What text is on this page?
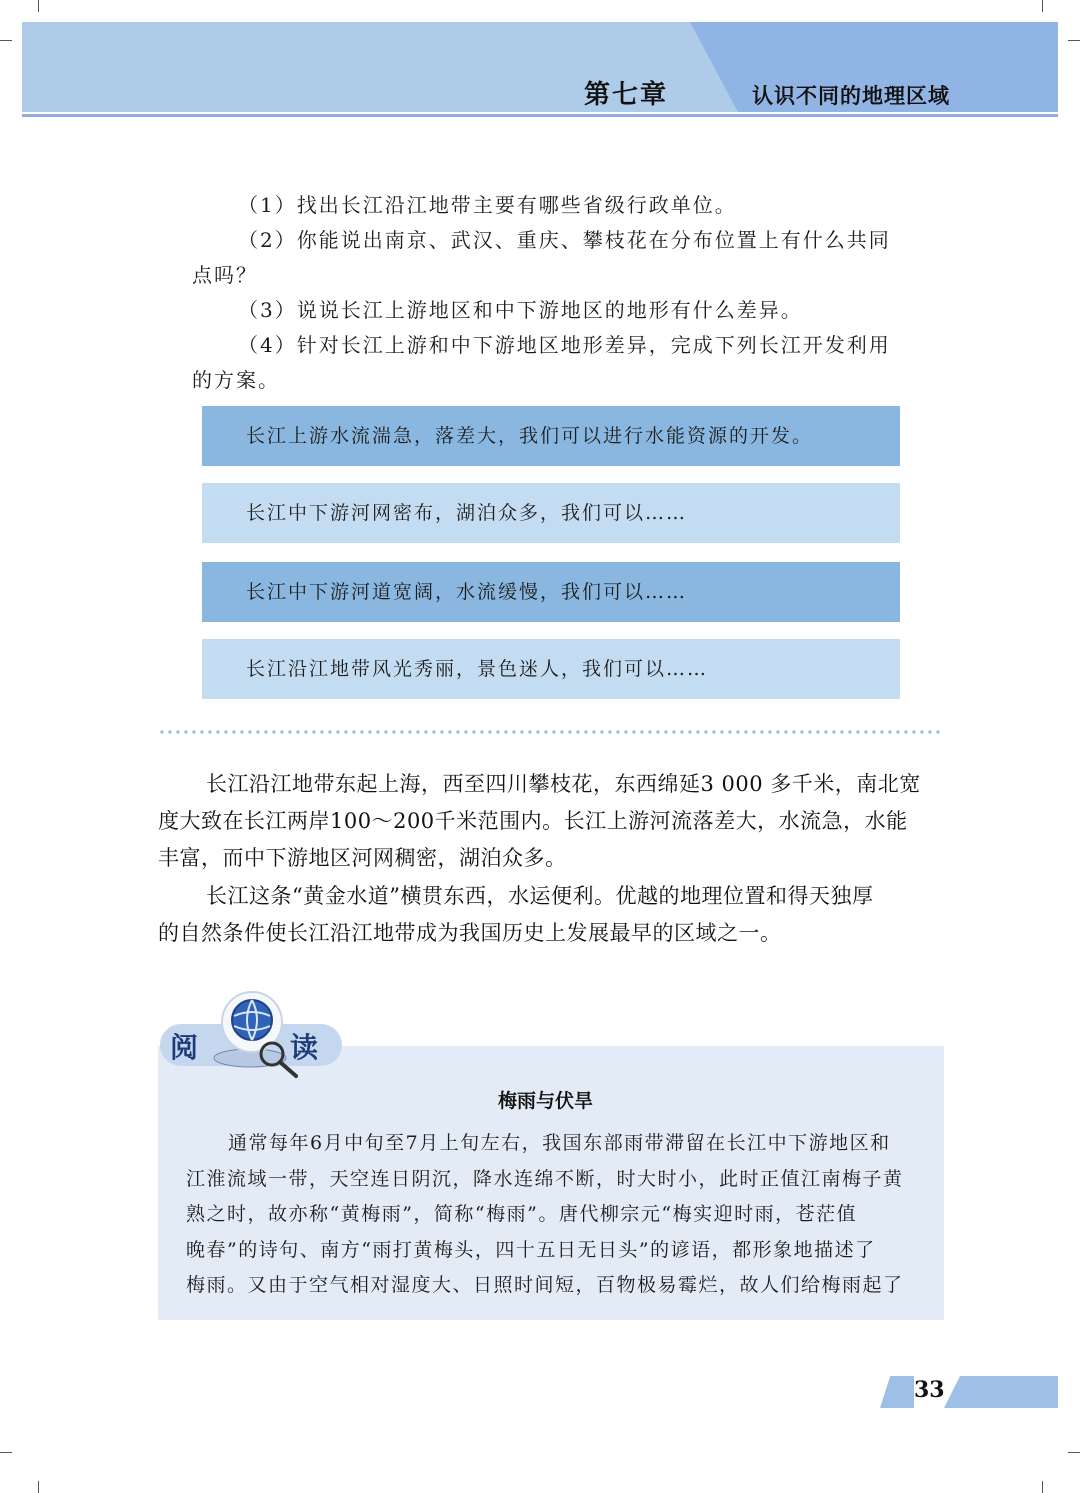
第七章	认识不同的地理区域
（1）找出长江沿江地带主要有哪些省级行政单位。
（2）你能说出南京、武汉、重庆、攀枝花在分布位置上有什么共同
点吗？
（3）说说长江上游地区和中下游地区的地形有什么差异。
（4）针对长江上游和中下游地区地形差异，完成下列长江开发利用
的方案。
长江上游水流湍急，落差大，我们可以进行水能资源的开发。
长江中下游河网密布，湖泊众多，我们可以……
长江中下游河道宽阔，水流缓慢，我们可以……
长江沿江地带风光秀丽，景色迷人，我们可以……
长江沿江地带东起上海，西至四川攀枝花，东西绵延3 000 多千米，南北宽
度大致在长江两岸100～200千米范围内。长江上游河流落差大，水流急，水能
丰富，而中下游地区河网稠密，湖泊众多。
长江这条“黄金水道”横贯东西，水运便利。优越的地理位置和得天独厚
的自然条件使长江沿江地带成为我国历史上发展最早的区域之一。
阅	读
梅雨与伏旱
通常每年6月中旬至7月上旬左右，我国东部雨带滞留在长江中下游地区和
江淮流域一带，天空连日阴沉，降水连绵不断，时大时小，此时正值江南梅子黄
熟之时，故亦称“黄梅雨”，简称“梅雨”。唐代柳宗元“梅实迎时雨，苍茫值
晚春”的诗句、南方“雨打黄梅头，四十五日无日头”的谚语，都形象地描述了
梅雨。又由于空气相对湿度大、日照时间短，百物极易霉烂，故人们给梅雨起了
33
